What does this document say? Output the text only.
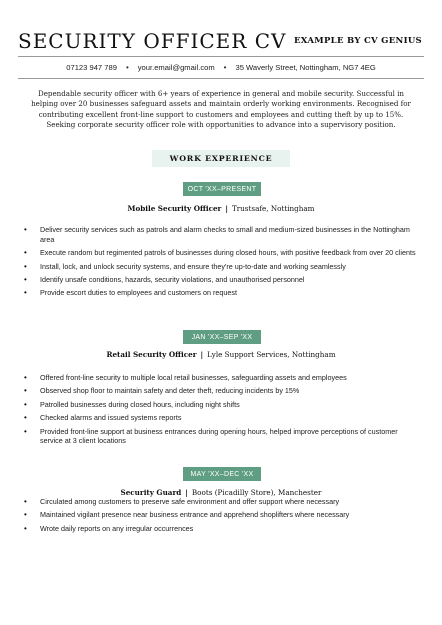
SECURITY OFFICER CV EXAMPLE BY CV GENIUS
07123 947 789 • your.email@gmail.com • 35 Waverly Street, Nottingham, NG7 4EG
Dependable security officer with 6+ years of experience in general and mobile security. Successful in helping over 20 businesses safeguard assets and maintain orderly working environments. Recognised for contributing excellent front-line support to customers and employees and cutting theft by up to 15%. Seeking corporate security officer role with opportunities to advance into a supervisory position.
WORK EXPERIENCE
OCT 'XX–PRESENT
Mobile Security Officer | Trustsafe, Nottingham
• Deliver security services such as patrols and alarm checks to small and medium-sized businesses in the Nottingham area
• Execute random but regimented patrols of businesses during closed hours, with positive feedback from over 20 clients
• Install, lock, and unlock security systems, and ensure they're up-to-date and working seamlessly
• Identify unsafe conditions, hazards, security violations, and unauthorised personnel
• Provide escort duties to employees and customers on request
JAN 'XX–SEP 'XX
Retail Security Officer | Lyle Support Services, Nottingham
• Offered front-line security to multiple local retail businesses, safeguarding assets and employees
• Observed shop floor to maintain safety and deter theft, reducing incidents by 15%
• Patrolled businesses during closed hours, including night shifts
• Checked alarms and issued systems reports
• Provided front-line support at business entrances during opening hours, helped improve perceptions of customer service at 3 client locations
MAY 'XX–DEC 'XX
Security Guard | Boots (Picadilly Store), Manchester
• Circulated among customers to preserve safe environment and offer support where necessary
• Maintained vigilant presence near business entrance and apprehend shoplifters where necessary
• Wrote daily reports on any irregular occurrences
